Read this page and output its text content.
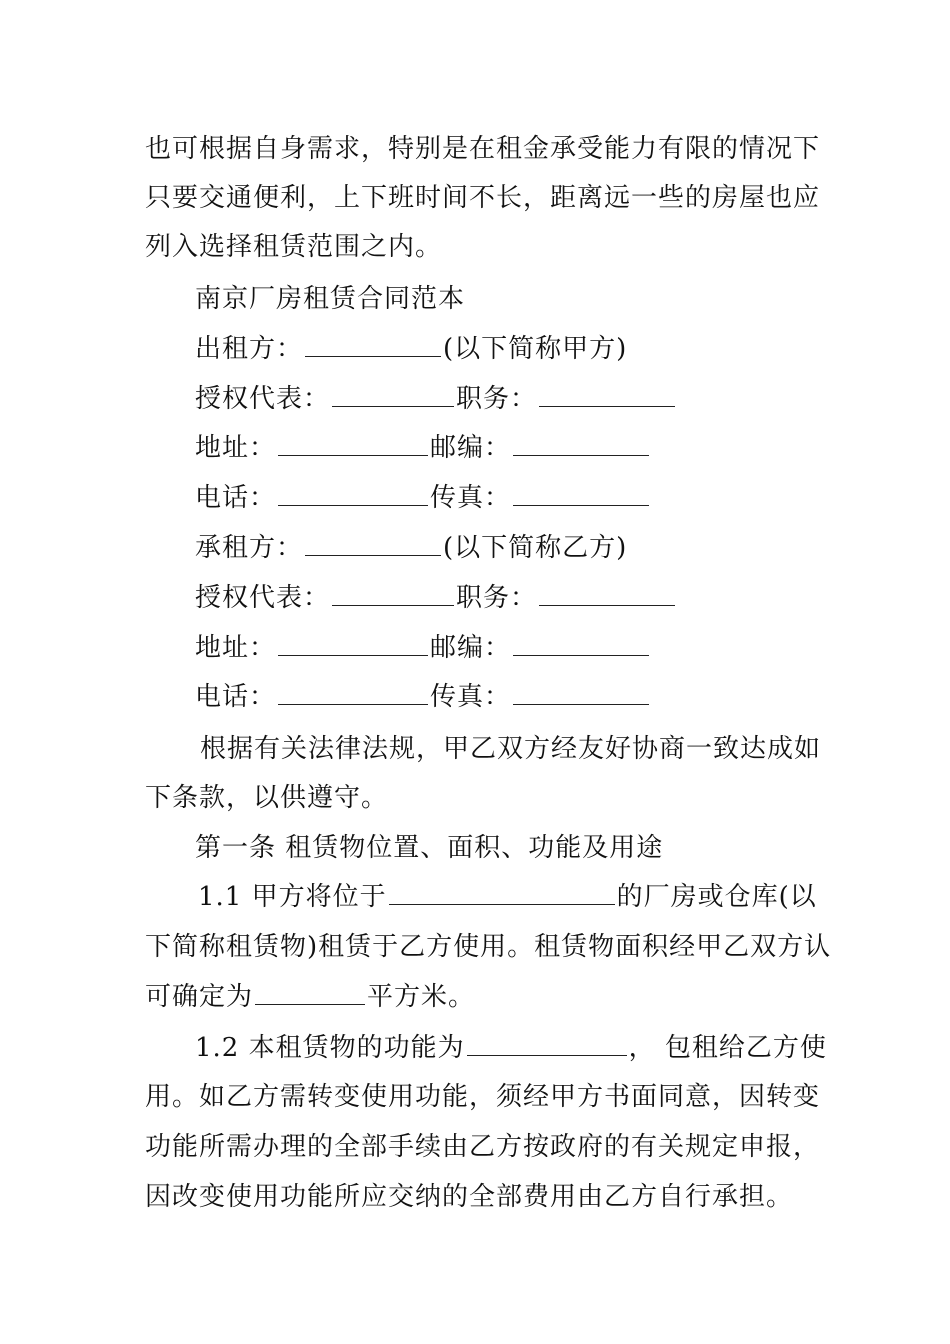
也可根据自身需求，特别是在租金承受能力有限的情况下
只要交通便利，上下班时间不长，距离远一些的房屋也应
列入选择租赁范围之内。
南京厂房租赁合同范本
出租方：	(以下简称甲方)
授权代表：	职务：
地址：	邮编：
电话：	传真：
承租方：	(以下简称乙方)
授权代表：	职务：
地址：	邮编：
电话：	传真：
根据有关法律法规，甲乙双方经友好协商一致达成如
下条款，以供遵守。
第一条 租赁物位置、面积、功能及用途
1.1 甲方将位于	的厂房或仓库(以
下简称租赁物)租赁于乙方使用。租赁物面积经甲乙双方认
可确定为	平方米。
1.2 本租赁物的功能为	， 包租给乙方使
用。如乙方需转变使用功能，须经甲方书面同意，因转变
功能所需办理的全部手续由乙方按政府的有关规定申报，
因改变使用功能所应交纳的全部费用由乙方自行承担。
